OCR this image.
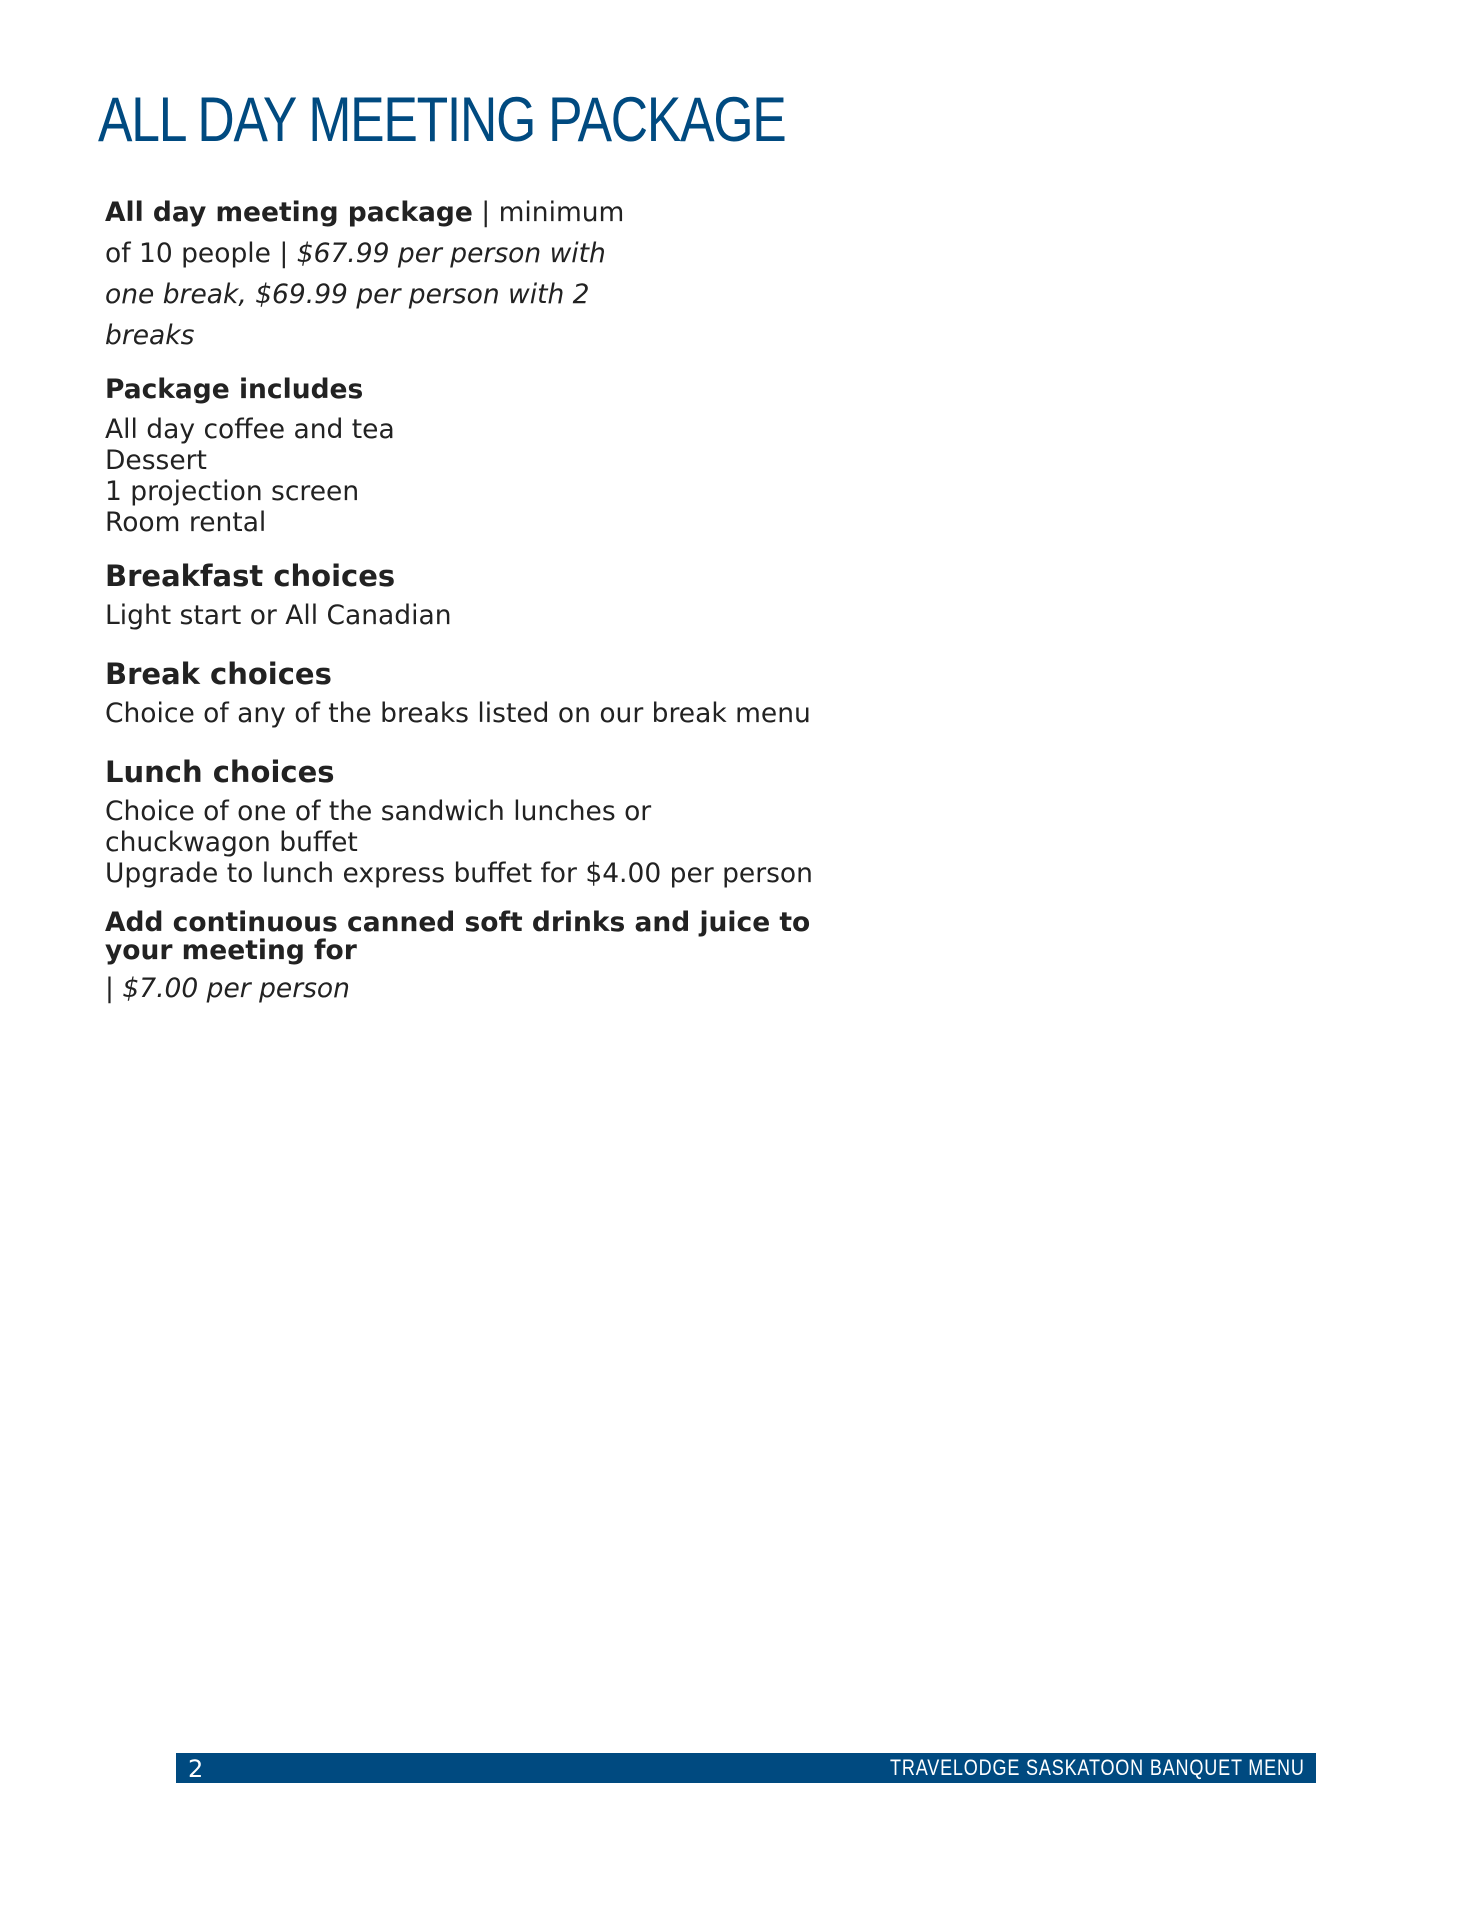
ALL DAY MEETING PACKAGE

All day meeting package | minimum of 10 people | $67.99 per person with one break, $69.99 per person with 2 breaks

Package includes
All day coffee and tea
Dessert
1 projection screen
Room rental
Breakfast choices
Light start or All Canadian
Break choices
Choice of any of the breaks listed on our break menu
Lunch choices
Choice of one of the sandwich lunches or chuckwagon buffet
Upgrade to lunch express buffet for $4.00 per person
Add continuous canned soft drinks and juice to your meeting for

| $7.00 per person

2	TRAVELODGE SASKATOON BANQUET MENU
